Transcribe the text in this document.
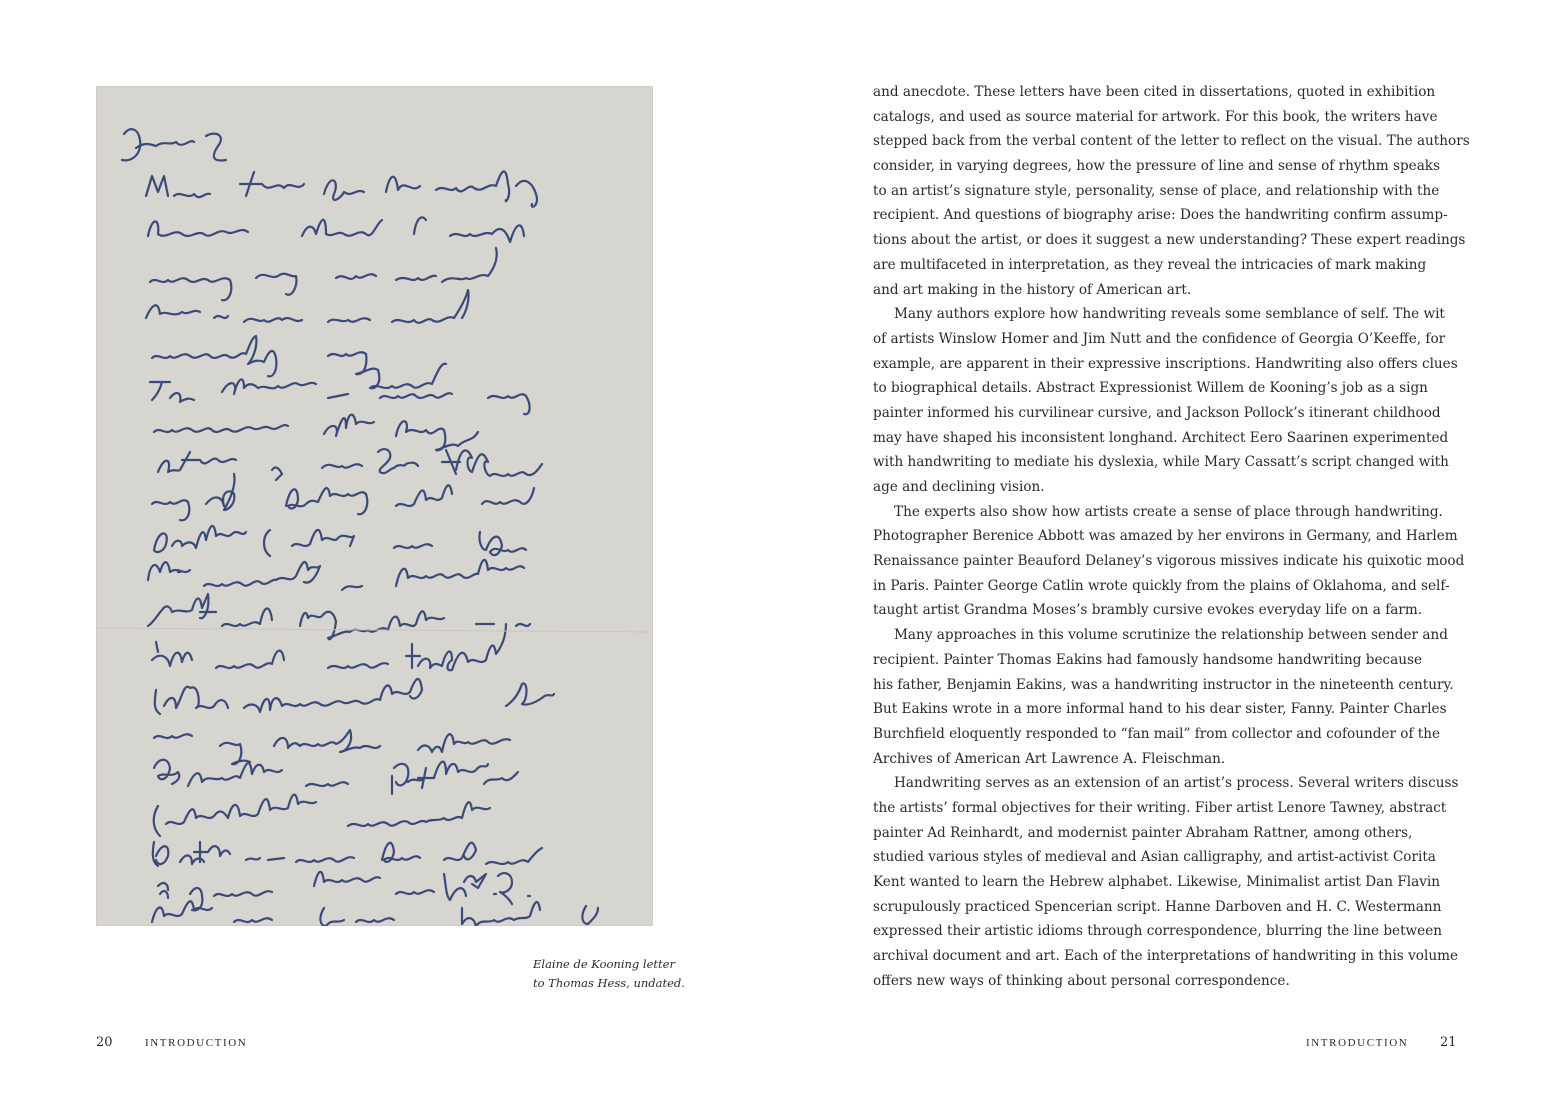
Elaine de Kooning letter
to Thomas Hess, undated.
20	INTRODUCTION
and anecdote. These letters have been cited in dissertations, quoted in exhibition
catalogs, and used as source material for artwork. For this book, the writers have
stepped back from the verbal content of the letter to reflect on the visual. The authors
consider, in varying degrees, how the pressure of line and sense of rhythm speaks
to an artist’s signature style, personality, sense of place, and relationship with the
recipient. And questions of biography arise: Does the handwriting confirm assump-
tions about the artist, or does it suggest a new understanding? These expert readings
are multifaceted in interpretation, as they reveal the intricacies of mark making
and art making in the history of American art.
Many authors explore how handwriting reveals some semblance of self. The wit
of artists Winslow Homer and Jim Nutt and the confidence of Georgia O’Keeffe, for
example, are apparent in their expressive inscriptions. Handwriting also offers clues
to biographical details. Abstract Expressionist Willem de Kooning’s job as a sign
painter informed his curvilinear cursive, and Jackson Pollock’s itinerant childhood
may have shaped his inconsistent longhand. Architect Eero Saarinen experimented
with handwriting to mediate his dyslexia, while Mary Cassatt’s script changed with
age and declining vision.
The experts also show how artists create a sense of place through handwriting.
Photographer Berenice Abbott was amazed by her environs in Germany, and Harlem
Renaissance painter Beauford Delaney’s vigorous missives indicate his quixotic mood
in Paris. Painter George Catlin wrote quickly from the plains of Oklahoma, and self-
taught artist Grandma Moses’s brambly cursive evokes everyday life on a farm.
Many approaches in this volume scrutinize the relationship between sender and
recipient. Painter Thomas Eakins had famously handsome handwriting because
his father, Benjamin Eakins, was a handwriting instructor in the nineteenth century.
But Eakins wrote in a more informal hand to his dear sister, Fanny. Painter Charles
Burchfield eloquently responded to “fan mail” from collector and cofounder of the
Archives of American Art Lawrence A. Fleischman.
Handwriting serves as an extension of an artist’s process. Several writers discuss
the artists’ formal objectives for their writing. Fiber artist Lenore Tawney, abstract
painter Ad Reinhardt, and modernist painter Abraham Rattner, among others,
studied various styles of medieval and Asian calligraphy, and artist-activist Corita
Kent wanted to learn the Hebrew alphabet. Likewise, Minimalist artist Dan Flavin
scrupulously practiced Spencerian script. Hanne Darboven and H. C. Westermann
expressed their artistic idioms through correspondence, blurring the line between
archival document and art. Each of the interpretations of handwriting in this volume
offers new ways of thinking about personal correspondence.
INTRODUCTION	21
